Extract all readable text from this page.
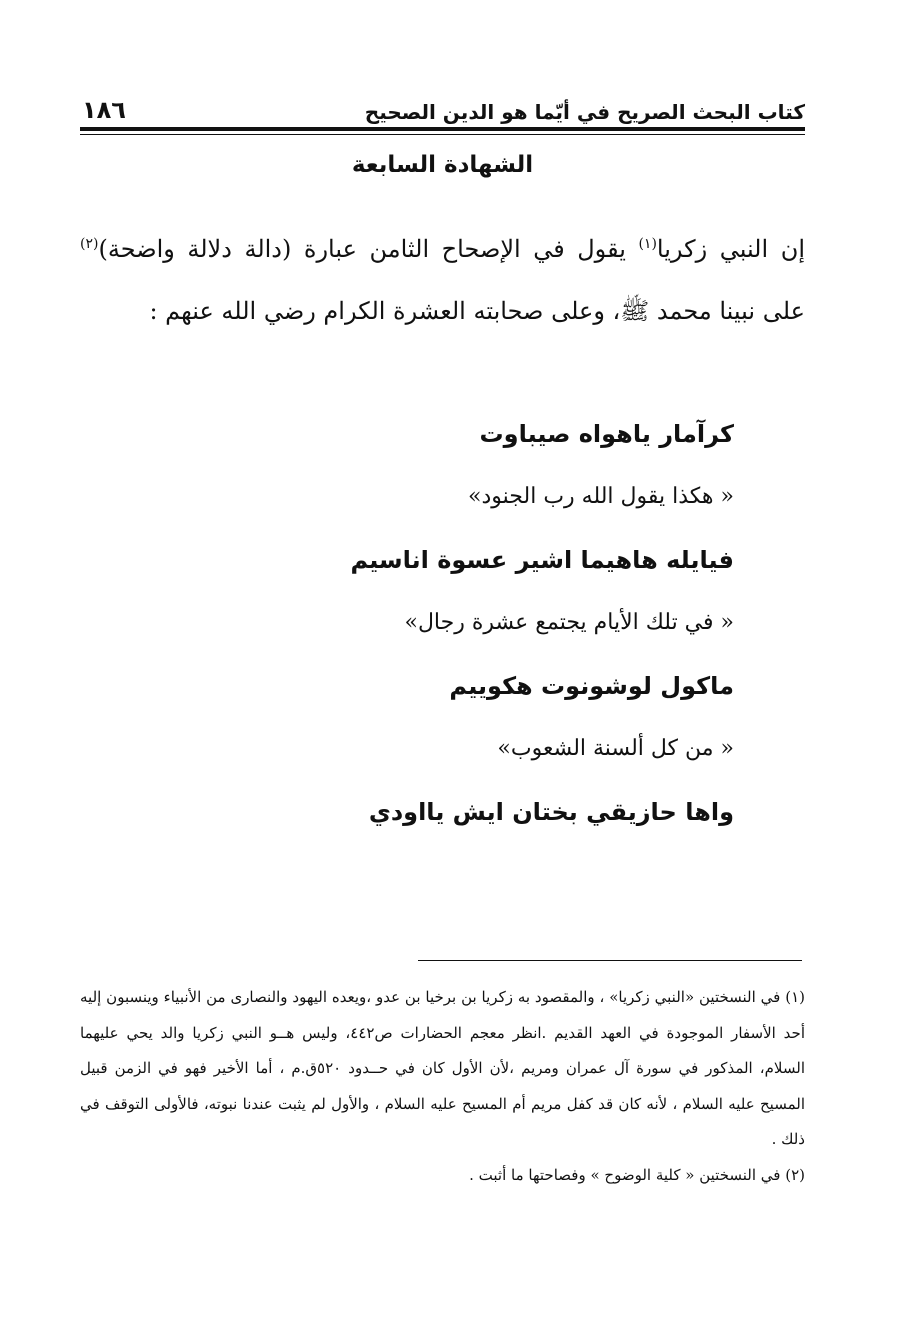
١٨٦	كتاب البحث الصريح في أيّما هو الدين الصحيح
الشهادة السابعة
إن النبي زكريا$^{(١)}$ يقول في الإصحاح الثامن عبارة (دالة دلالة واضحة)$^{(٢)}$ على نبينا محمد ﷺ، وعلى صحابته العشرة الكرام رضي الله عنهم :
كرآمار ياهواه صيباوت
« هكذا يقول الله رب الجنود»
فيايله هاهيما اشير عسوة اناسيم
« في تلك الأيام يجتمع عشرة رجال»
ماكول لوشونوت هكوييم
« من كل ألسنة الشعوب»
واها حازيقي بختان ايش يااودي

(١) في النسختين «النبي زكريا» ، والمقصود به زكريا بن برخيا بن عدو ،ويعده اليهود والنصارى من الأنبياء وينسبون إليه أحد الأسفار الموجودة في العهد القديم .انظر معجم الحضارات ص٤٤٢، وليس هــو النبي زكريا والد يحي عليهما السلام، المذكور في سورة آل عمران ومريم ،لأن الأول كان في حــدود ٥٢٠ق.م ، أما الأخير فهو في الزمن قبيل المسيح عليه السلام ، لأنه كان قد كفل مريم أم المسيح عليه السلام ، والأول لم يثبت عندنا نبوته، فالأولى التوقف في ذلك .

(٢) في النسختين « كلية الوضوح » وفصاحتها ما أثبت .
